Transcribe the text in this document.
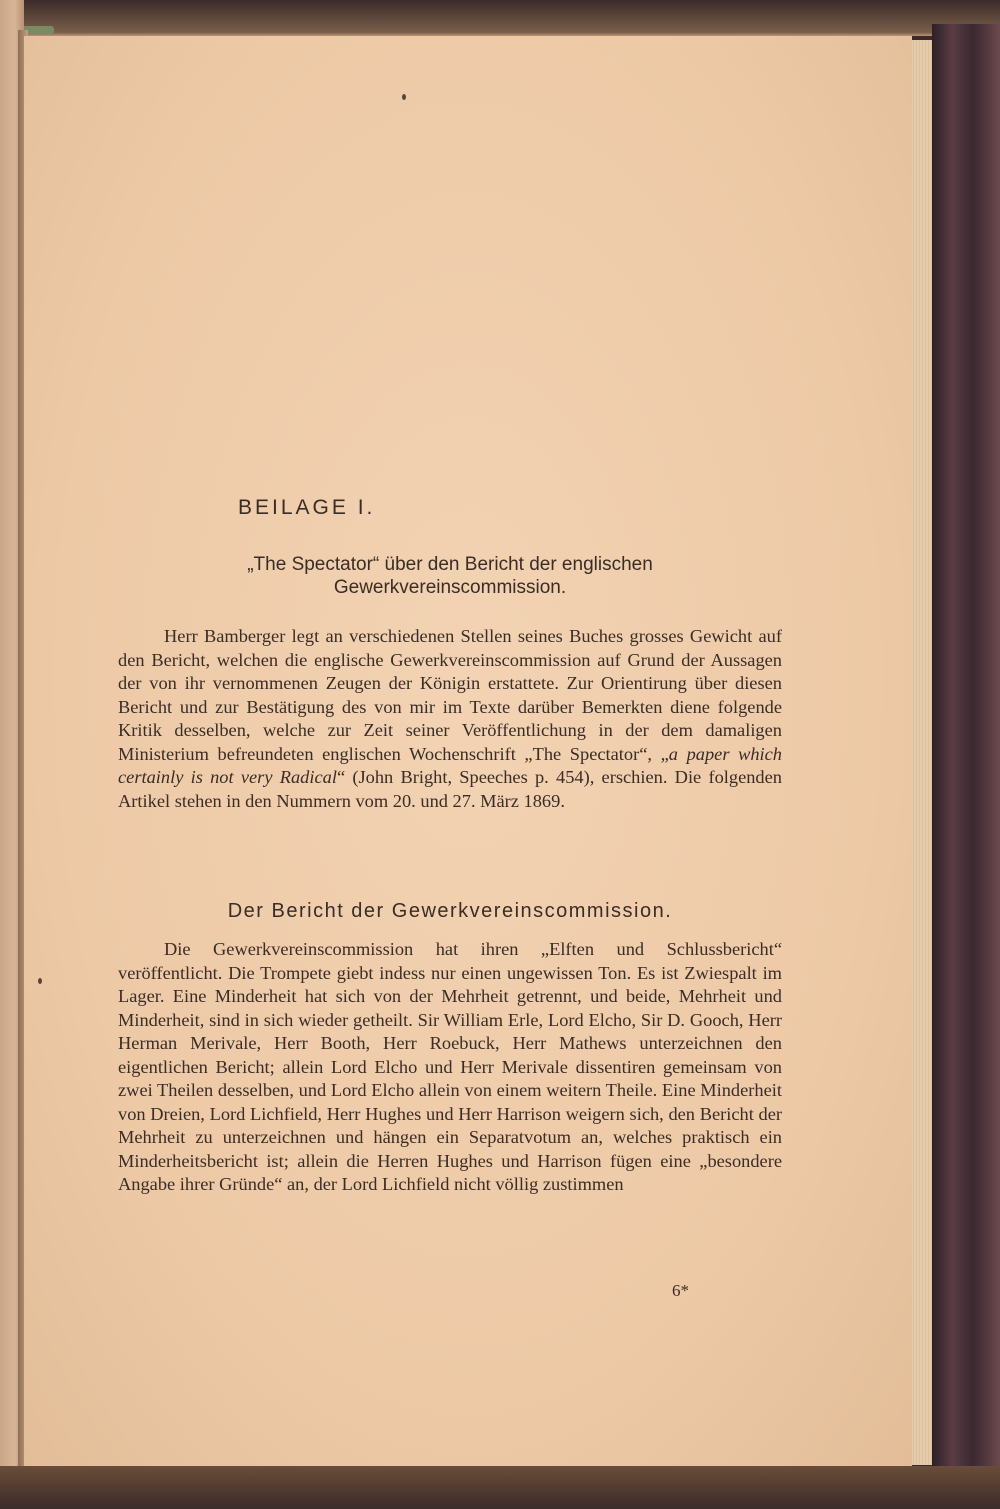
BEILAGE I.
„The Spectator“ über den Bericht der englischen
Gewerkvereinscommission.

Herr Bamberger legt an verschiedenen Stellen seines Buches grosses Gewicht auf den Bericht, welchen die englische Gewerkvereinscommission auf Grund der Aussagen der von ihr vernommenen Zeugen der Königin erstattete. Zur Orientirung über diesen Bericht und zur Bestätigung des von mir im Texte darüber Bemerkten diene folgende Kritik desselben, welche zur Zeit seiner Veröffentlichung in der dem damaligen Ministerium befreundeten englischen Wochenschrift „The Spectator“, „a paper which certainly is not very Radical“ (John Bright, Speeches p. 454), erschien. Die folgenden Artikel stehen in den Nummern vom 20. und 27. März 1869.

Der Bericht der Gewerkvereinscommission.

Die Gewerkvereinscommission hat ihren „Elften und Schlussbericht“ veröffentlicht. Die Trompete giebt indess nur einen ungewissen Ton. Es ist Zwiespalt im Lager. Eine Minderheit hat sich von der Mehrheit getrennt, und beide, Mehrheit und Minderheit, sind in sich wieder getheilt. Sir William Erle, Lord Elcho, Sir D. Gooch, Herr Herman Merivale, Herr Booth, Herr Roebuck, Herr Mathews unterzeichnen den eigentlichen Bericht; allein Lord Elcho und Herr Merivale dissentiren gemeinsam von zwei Theilen desselben, und Lord Elcho allein von einem weitern Theile. Eine Minderheit von Dreien, Lord Lichfield, Herr Hughes und Herr Harrison weigern sich, den Bericht der Mehrheit zu unterzeichnen und hängen ein Separatvotum an, welches praktisch ein Minderheitsbericht ist; allein die Herren Hughes und Harrison fügen eine „besondere Angabe ihrer Gründe“ an, der Lord Lichfield nicht völlig zustimmen

6*
